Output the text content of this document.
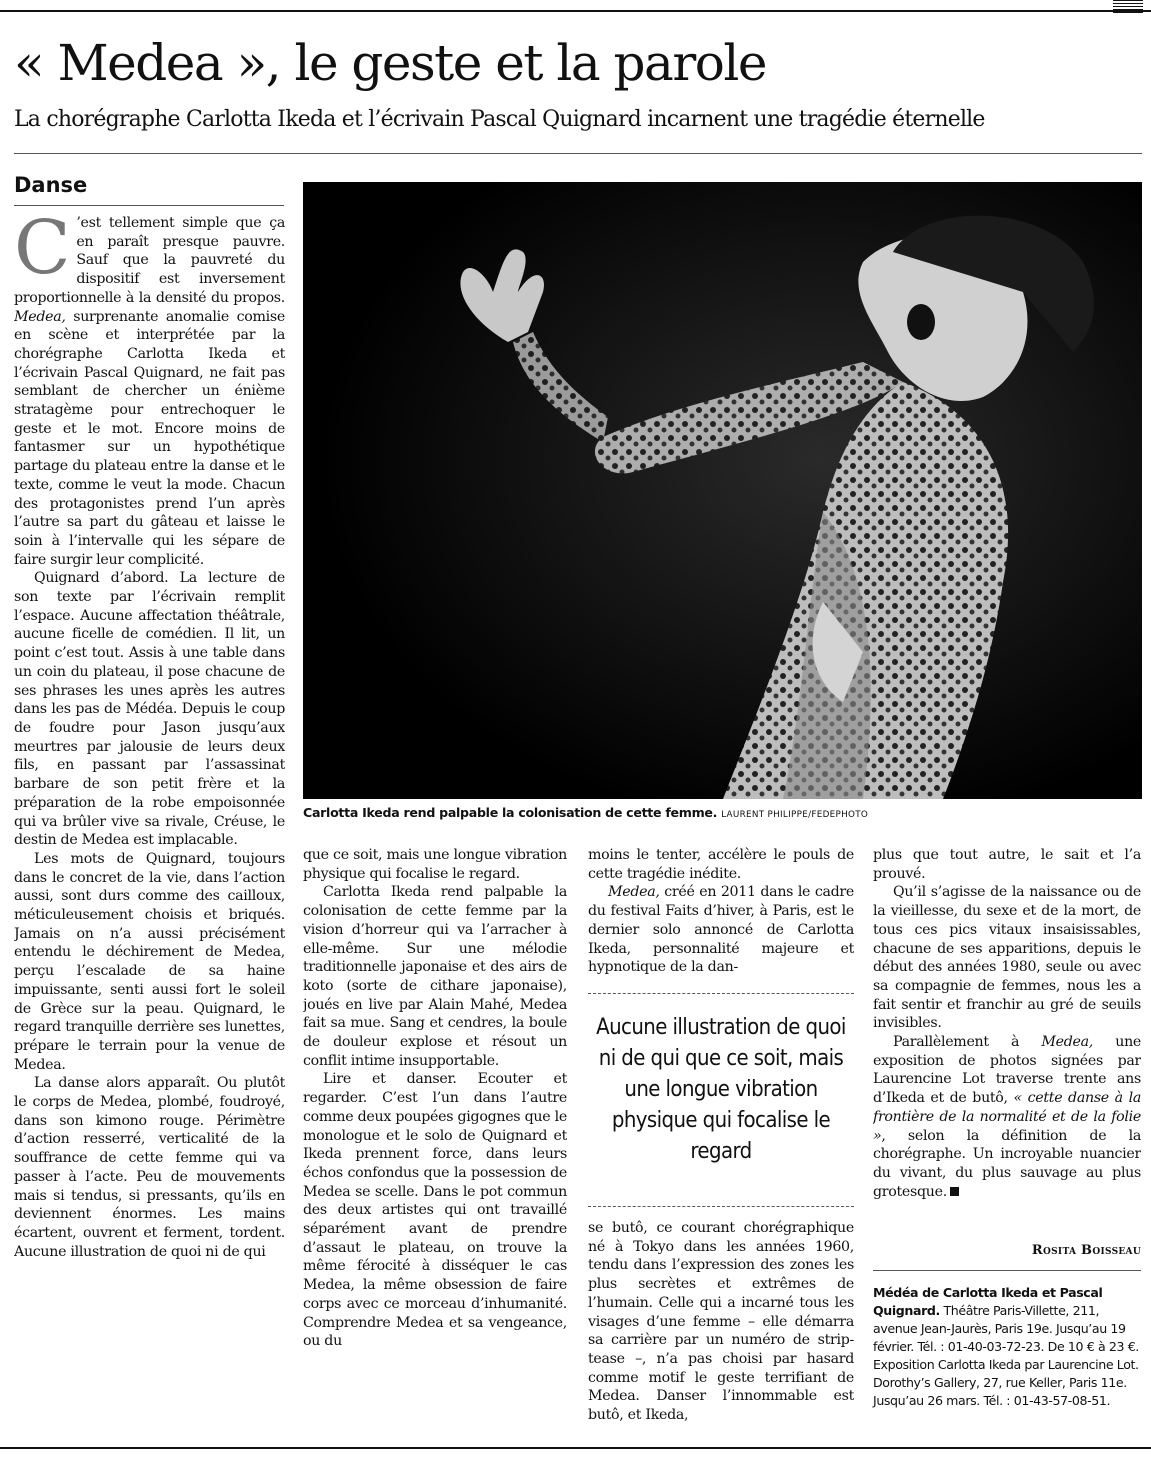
« Medea », le geste et la parole
La chorégraphe Carlotta Ikeda et l’écrivain Pascal Quignard incarnent une tragédie éternelle
Danse

C ’est tellement simple que ça en paraît presque pauvre. Sauf que la pauvreté du dispositif est inversement proportionnelle à la densité du propos. Medea, surprenante anomalie comise en scène et interprétée par la chorégraphe Carlotta Ikeda et l’écrivain Pascal Quignard, ne fait pas semblant de chercher un énième stratagème pour entrechoquer le geste et le mot. Encore moins de fantasmer sur un hypothétique partage du plateau entre la danse et le texte, comme le veut la mode. Chacun des protagonistes prend l’un après l’autre sa part du gâteau et laisse le soin à l’intervalle qui les sépare de faire surgir leur complicité.

Quignard d’abord. La lecture de son texte par l’écrivain remplit l’espace. Aucune affectation théâtrale, aucune ficelle de comédien. Il lit, un point c’est tout. Assis à une table dans un coin du plateau, il pose chacune de ses phrases les unes après les autres dans les pas de Médéa. Depuis le coup de foudre pour Jason jusqu’aux meurtres par jalousie de leurs deux fils, en passant par l’assassinat barbare de son petit frère et la préparation de la robe empoisonnée qui va brûler vive sa rivale, Créuse, le destin de Medea est implacable.

Les mots de Quignard, toujours dans le concret de la vie, dans l’action aussi, sont durs comme des cailloux, méticuleusement choisis et briqués. Jamais on n’a aussi précisément entendu le déchirement de Medea, perçu l’escalade de sa haine impuissante, senti aussi fort le soleil de Grèce sur la peau. Quignard, le regard tranquille derrière ses lunettes, prépare le terrain pour la venue de Medea.

La danse alors apparaît. Ou plutôt le corps de Medea, plombé, foudroyé, dans son kimono rouge. Périmètre d’action resserré, verticalité de la souffrance de cette femme qui va passer à l’acte. Peu de mouvements mais si tendus, si pressants, qu’ils en deviennent énormes. Les mains écartent, ouvrent et ferment, tordent. Aucune illustration de quoi ni de qui

Carlotta Ikeda rend palpable la colonisation de cette femme. LAURENT PHILIPPE/FEDEPHOTO

que ce soit, mais une longue vibration physique qui focalise le regard.

Carlotta Ikeda rend palpable la colonisation de cette femme par la vision d’horreur qui va l’arracher à elle-même. Sur une mélodie traditionnelle japonaise et des airs de koto (sorte de cithare japonaise), joués en live par Alain Mahé, Medea fait sa mue. Sang et cendres, la boule de douleur explose et résout un conflit intime insupportable.

Lire et danser. Ecouter et regarder. C’est l’un dans l’autre comme deux poupées gigognes que le monologue et le solo de Quignard et Ikeda prennent force, dans leurs échos confondus que la possession de Medea se scelle. Dans le pot commun des deux artistes qui ont travaillé séparément avant de prendre d’assaut le plateau, on trouve la même férocité à disséquer le cas Medea, la même obsession de faire corps avec ce morceau d’inhumanité. Comprendre Medea et sa vengeance, ou du

moins le tenter, accélère le pouls de cette tragédie inédite.

Medea, créé en 2011 dans le cadre du festival Faits d’hiver, à Paris, est le dernier solo annoncé de Carlotta Ikeda, personnalité majeure et hypnotique de la dan-

Aucune illustration de quoi ni de qui que ce soit, mais une longue vibration physique qui focalise le regard

se butô, ce courant chorégraphique né à Tokyo dans les années 1960, tendu dans l’expression des zones les plus secrètes et extrêmes de l’humain. Celle qui a incarné tous les visages d’une femme – elle démarra sa carrière par un numéro de strip-tease –, n’a pas choisi par hasard comme motif le geste terrifiant de Medea. Danser l’innommable est butô, et Ikeda,

plus que tout autre, le sait et l’a prouvé.

Qu’il s’agisse de la naissance ou de la vieillesse, du sexe et de la mort, de tous ces pics vitaux insaisissables, chacune de ses apparitions, depuis le début des années 1980, seule ou avec sa compagnie de femmes, nous les a fait sentir et franchir au gré de seuils invisibles.

Parallèlement à Medea, une exposition de photos signées par Laurencine Lot traverse trente ans d’Ikeda et de butô, « cette danse à la frontière de la normalité et de la folie », selon la définition de la chorégraphe. Un incroyable nuancier du vivant, du plus sauvage au plus grotesque.

Rosita Boisseau
Médéa de Carlotta Ikeda et Pascal Quignard. Théâtre Paris-Villette, 211, avenue Jean-Jaurès, Paris 19e. Jusqu’au 19 février. Tél. : 01-40-03-72-23. De 10 € à 23 €. Exposition Carlotta Ikeda par Laurencine Lot. Dorothy’s Gallery, 27, rue Keller, Paris 11e. Jusqu’au 26 mars. Tél. : 01-43-57-08-51.
